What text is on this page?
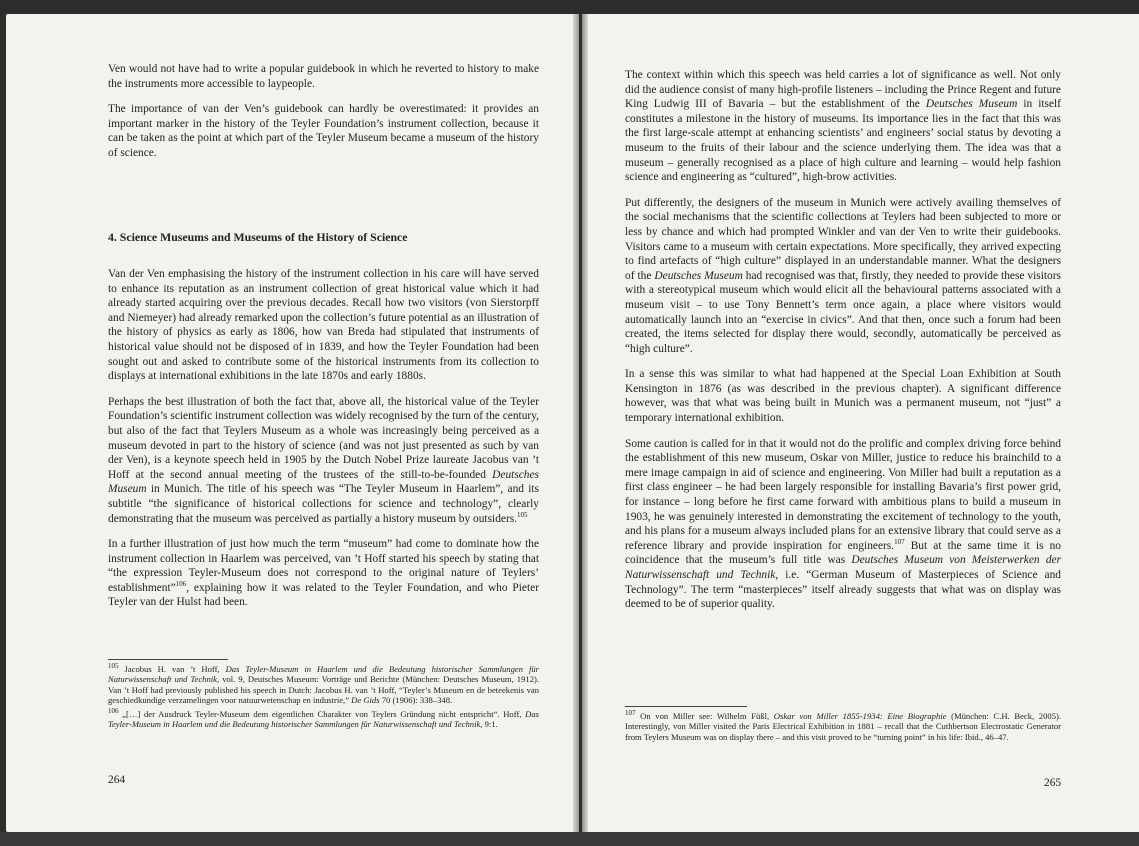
Ven would not have had to write a popular guidebook in which he reverted to history to make the instruments more accessible to laypeople.

The importance of van der Ven’s guidebook can hardly be overestimated: it provides an important marker in the history of the Teyler Foundation’s instrument collection, because it can be taken as the point at which part of the Teyler Museum became a museum of the history of science.

4. Science Museums and Museums of the History of Science

Van der Ven emphasising the history of the instrument collection in his care will have served to enhance its reputation as an instrument collection of great historical value which it had already started acquiring over the previous decades. Recall how two visitors (von Sierstorpff and Niemeyer) had already remarked upon the collection’s future potential as an illustration of the history of physics as early as 1806, how van Breda had stipulated that instruments of historical value should not be disposed of in 1839, and how the Teyler Foundation had been sought out and asked to contribute some of the historical instruments from its collection to displays at international exhibitions in the late 1870s and early 1880s.

Perhaps the best illustration of both the fact that, above all, the historical value of the Teyler Foundation’s scientific instrument collection was widely recognised by the turn of the century, but also of the fact that Teylers Museum as a whole was increasingly being perceived as a museum devoted in part to the history of science (and was not just presented as such by van der Ven), is a keynote speech held in 1905 by the Dutch Nobel Prize laureate Jacobus van ’t Hoff at the second annual meeting of the trustees of the still-to-be-founded Deutsches Museum in Munich. The title of his speech was “The Teyler Museum in Haarlem”, and its subtitle “the significance of historical collections for science and technology”, clearly demonstrating that the museum was perceived as partially a history museum by outsiders.$^{105}$

In a further illustration of just how much the term “museum” had come to dominate how the instrument collection in Haarlem was perceived, van ’t Hoff started his speech by stating that “the expression Teyler-Museum does not correspond to the original nature of Teylers’ establishment”$^{106}$, explaining how it was related to the Teyler Foundation, and who Pieter Teyler van der Hulst had been.

$^{105}$ Jacobus H. van ’t Hoff, Das Teyler-Museum in Haarlem und die Bedeutung historischer Sammlungen für Naturwissenschaft und Technik, vol. 9, Deutsches Museum: Vorträge und Berichte (München: Deutsches Museum, 1912). Van ’t Hoff had previously published his speech in Dutch: Jacobus H. van ’t Hoff, “Teyler’s Museum en de beteekenis van geschiedkundige verzamelingen voor natuurwetenschap en industrie,” De Gids 70 (1906): 338–348.

$^{106}$ „[…] der Ausdruck Teyler-Museum dem eigentlichen Charakter von Teylers Gründung nicht entspricht“. Hoff, Das Teyler-Museum in Haarlem und die Bedeutung historischer Sammlungen für Naturwissenschaft und Technik, 9:1.

264

The context within which this speech was held carries a lot of significance as well. Not only did the audience consist of many high-profile listeners – including the Prince Regent and future King Ludwig III of Bavaria – but the establishment of the Deutsches Museum in itself constitutes a milestone in the history of museums. Its importance lies in the fact that this was the first large-scale attempt at enhancing scientists’ and engineers’ social status by devoting a museum to the fruits of their labour and the science underlying them. The idea was that a museum – generally recognised as a place of high culture and learning – would help fashion science and engineering as “cultured”, high-brow activities.

Put differently, the designers of the museum in Munich were actively availing themselves of the social mechanisms that the scientific collections at Teylers had been subjected to more or less by chance and which had prompted Winkler and van der Ven to write their guidebooks. Visitors came to a museum with certain expectations. More specifically, they arrived expecting to find artefacts of “high culture” displayed in an understandable manner. What the designers of the Deutsches Museum had recognised was that, firstly, they needed to provide these visitors with a stereotypical museum which would elicit all the behavioural patterns associated with a museum visit – to use Tony Bennett’s term once again, a place where visitors would automatically launch into an “exercise in civics”. And that then, once such a forum had been created, the items selected for display there would, secondly, automatically be perceived as “high culture”.

In a sense this was similar to what had happened at the Special Loan Exhibition at South Kensington in 1876 (as was described in the previous chapter). A significant difference however, was that what was being built in Munich was a permanent museum, not “just” a temporary international exhibition.

Some caution is called for in that it would not do the prolific and complex driving force behind the establishment of this new museum, Oskar von Miller, justice to reduce his brainchild to a mere image campaign in aid of science and engineering. Von Miller had built a reputation as a first class engineer – he had been largely responsible for installing Bavaria’s first power grid, for instance – long before he first came forward with ambitious plans to build a museum in 1903, he was genuinely interested in demonstrating the excitement of technology to the youth, and his plans for a museum always included plans for an extensive library that could serve as a reference library and provide inspiration for engineers.$^{107}$ But at the same time it is no coincidence that the museum’s full title was Deutsches Museum von Meisterwerken der Naturwissenschaft und Technik, i.e. “German Museum of Masterpieces of Science and Technology”. The term “masterpieces” itself already suggests that what was on display was deemed to be of superior quality.

$^{107}$ On von Miller see: Wilhelm Füßl, Oskar von Miller 1855-1934: Eine Biographie (München: C.H. Beck, 2005). Interestingly, von Miller visited the Paris Electrical Exhibition in 1881 – recall that the Cuthbertson Electrostatic Generator from Teylers Museum was on display there – and this visit proved to be “turning point” in his life: Ibid., 46–47.

265
